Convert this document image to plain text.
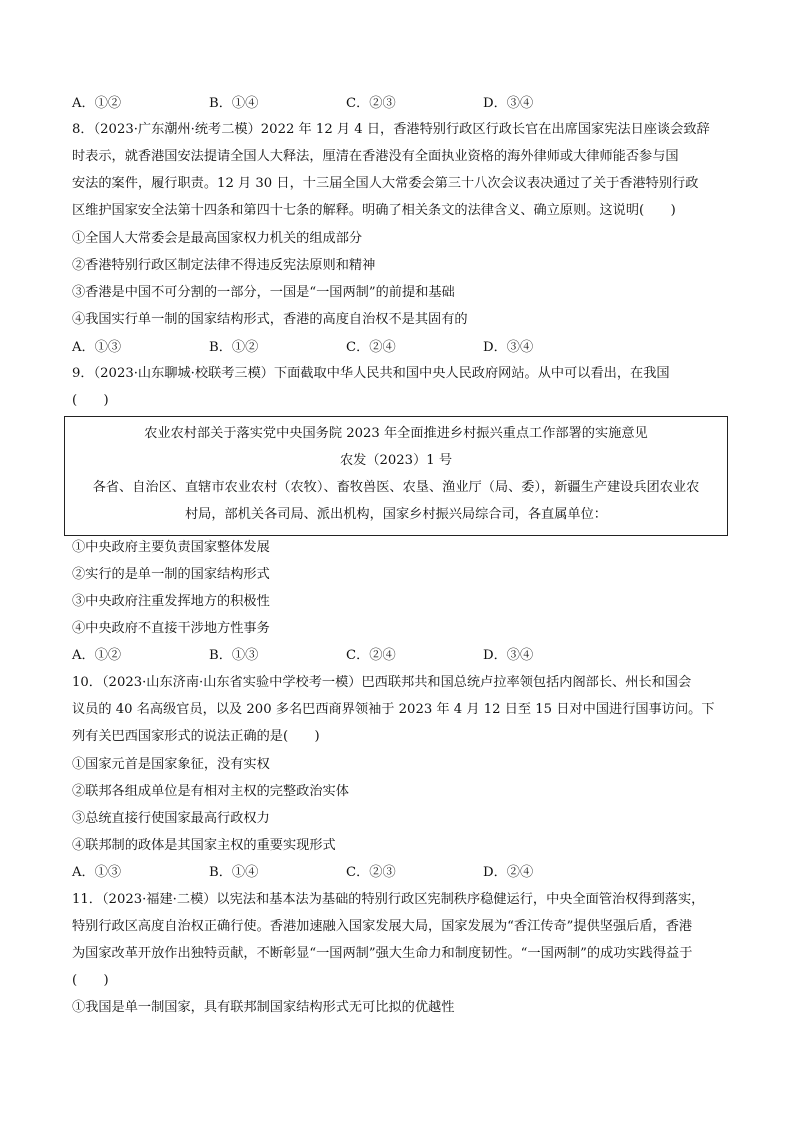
A．①②	B．①④	C．②③	D．③④
8．（2023·广东潮州·统考二模）2022 年 12 月 4 日，香港特别行政区行政长官在出席国家宪法日座谈会致辞
时表示，就香港国安法提请全国人大释法，厘清在香港没有全面执业资格的海外律师或大律师能否参与国
安法的案件，履行职责。12 月 30 日，十三届全国人大常委会第三十八次会议表决通过了关于香港特别行政
区维护国家安全法第十四条和第四十七条的解释。明确了相关条文的法律含义、确立原则。这说明(　　)
①全国人大常委会是最高国家权力机关的组成部分
②香港特别行政区制定法律不得违反宪法原则和精神
③香港是中国不可分割的一部分，一国是“一国两制”的前提和基础
④我国实行单一制的国家结构形式，香港的高度自治权不是其固有的
A．①③	B．①②	C．②④	D．③④
9．（2023·山东聊城·校联考三模）下面截取中华人民共和国中央人民政府网站。从中可以看出，在我国
(　　)
农业农村部关于落实党中央国务院 2023 年全面推进乡村振兴重点工作部署的实施意见
农发（2023）1 号
各省、自治区、直辖市农业农村（农牧）、畜牧兽医、农垦、渔业厅（局、委），新疆生产建设兵团农业农
村局，部机关各司局、派出机构，国家乡村振兴局综合司，各直属单位：
①中央政府主要负责国家整体发展
②实行的是单一制的国家结构形式
③中央政府注重发挥地方的积极性
④中央政府不直接干涉地方性事务
A．①②	B．①③	C．②④	D．③④
10．（2023·山东济南·山东省实验中学校考一模）巴西联邦共和国总统卢拉率领包括内阁部长、州长和国会
议员的 40 名高级官员，以及 200 多名巴西商界领袖于 2023 年 4 月 12 日至 15 日对中国进行国事访问。下
列有关巴西国家形式的说法正确的是(　　)
①国家元首是国家象征，没有实权
②联邦各组成单位是有相对主权的完整政治实体
③总统直接行使国家最高行政权力
④联邦制的政体是其国家主权的重要实现形式
A．①③	B．①④	C．②③	D．②④
11．（2023·福建·二模）以宪法和基本法为基础的特别行政区宪制秩序稳健运行，中央全面管治权得到落实，
特别行政区高度自治权正确行使。香港加速融入国家发展大局，国家发展为“香江传奇”提供坚强后盾，香港
为国家改革开放作出独特贡献，不断彰显“一国两制”强大生命力和制度韧性。“一国两制”的成功实践得益于
(　　)
①我国是单一制国家，具有联邦制国家结构形式无可比拟的优越性
